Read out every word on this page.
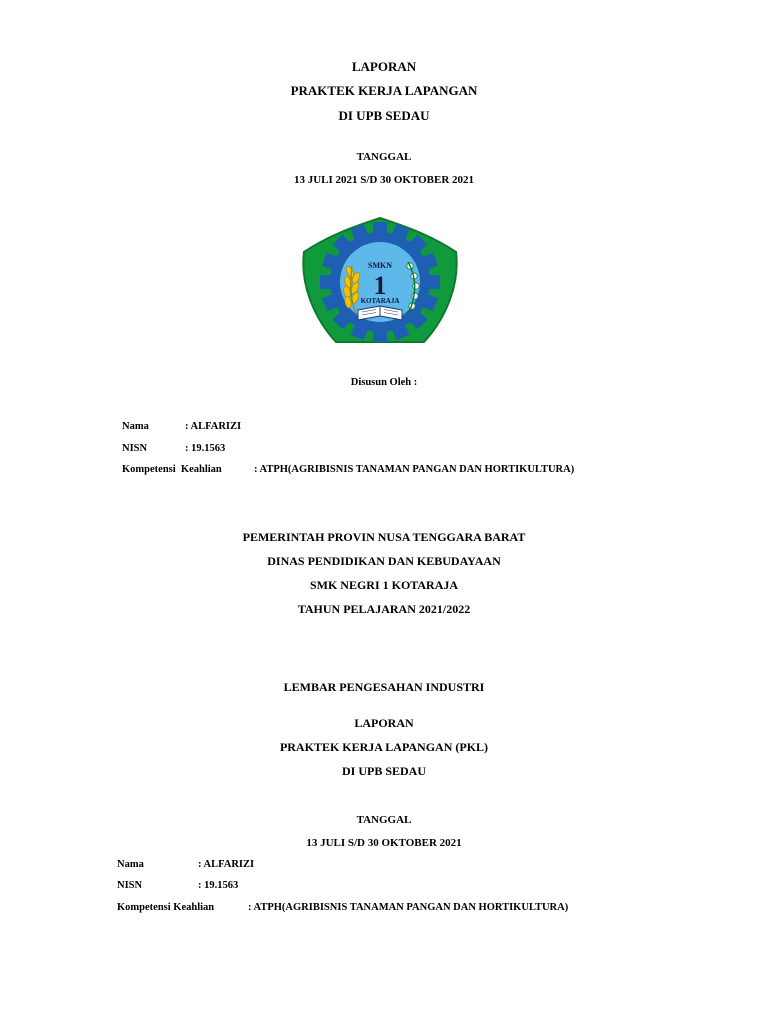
LAPORAN
PRAKTEK KERJA LAPANGAN
DI UPB SEDAU
TANGGAL
13 JULI 2021 S/D 30 OKTOBER 2021
SMKN
1
KOTARAJA
Disusun Oleh :
Nama	: ALFARIZI
NISN	: 19.1563
Kompetensi  Keahlian	: ATPH(AGRIBISNIS TANAMAN PANGAN DAN HORTIKULTURA)
PEMERINTAH PROVIN NUSA TENGGARA BARAT
DINAS PENDIDIKAN DAN KEBUDAYAAN
SMK NEGRI 1 KOTARAJA
TAHUN PELAJARAN 2021/2022
LEMBAR PENGESAHAN INDUSTRI
LAPORAN
PRAKTEK KERJA LAPANGAN (PKL)
DI UPB SEDAU
TANGGAL
13 JULI S/D 30 OKTOBER 2021
Nama	: ALFARIZI
NISN	: 19.1563
Kompetensi Keahlian	: ATPH(AGRIBISNIS TANAMAN PANGAN DAN HORTIKULTURA)
